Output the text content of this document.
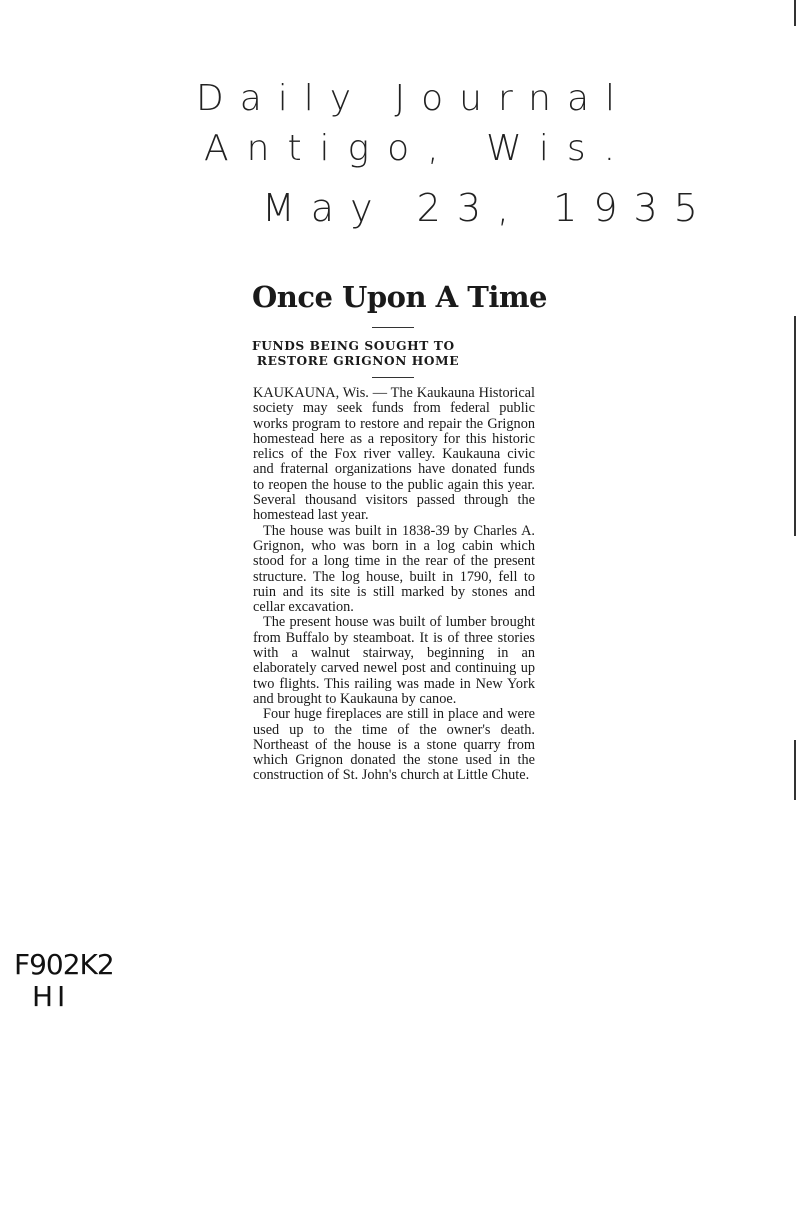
Daily Journal
Antigo, Wis.
May 23, 1935
Once Upon A Time
FUNDS BEING SOUGHT TO
RESTORE GRIGNON HOME

KAUKAUNA, Wis. — The Kaukauna Historical society may seek funds from federal public works program to restore and repair the Grignon homestead here as a repository for this historic relics of the Fox river valley. Kaukauna civic and fraternal organizations have donated funds to reopen the house to the public again this year. Several thousand visitors passed through the homestead last year.

The house was built in 1838-39 by Charles A. Grignon, who was born in a log cabin which stood for a long time in the rear of the present structure. The log house, built in 1790, fell to ruin and its site is still marked by stones and cellar excavation.

The present house was built of lumber brought from Buffalo by steamboat. It is of three stories with a walnut stairway, beginning in an elaborately carved newel post and continuing up two flights. This railing was made in New York and brought to Kaukauna by canoe.

Four huge fireplaces are still in place and were used up to the time of the owner's death. Northeast of the house is a stone quarry from which Grignon donated the stone used in the construction of St. John's church at Little Chute.

F902K2
HI
